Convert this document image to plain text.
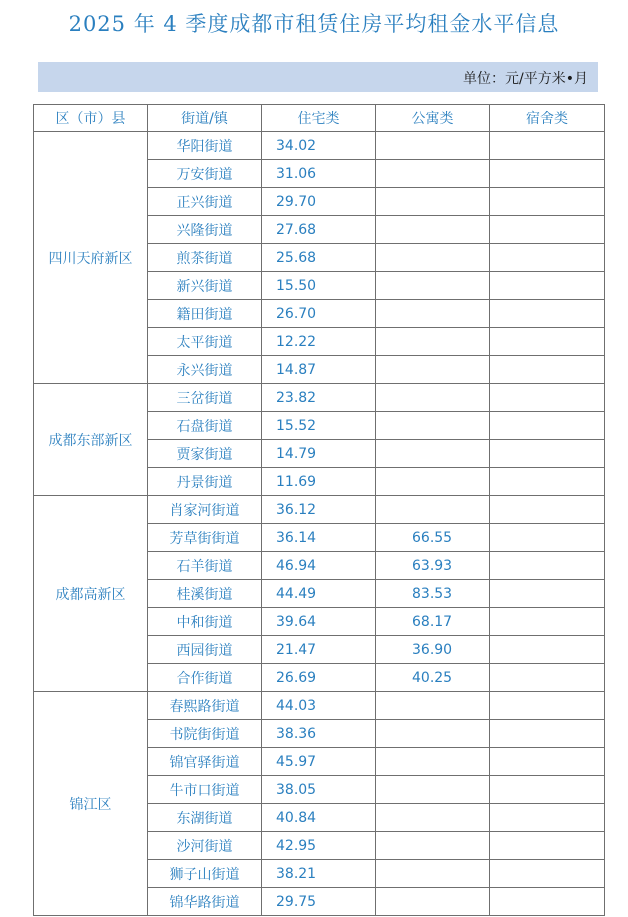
2025 年 4 季度成都市租赁住房平均租金水平信息
单位：元/平方米•月
区（市）县	街道/镇	住宅类	公寓类	宿舍类
四川天府新区	华阳街道	34.02		
	万安街道	31.06		
	正兴街道	29.70		
	兴隆街道	27.68		
	煎茶街道	25.68		
	新兴街道	15.50		
	籍田街道	26.70		
	太平街道	12.22		
	永兴街道	14.87		
成都东部新区	三岔街道	23.82		
	石盘街道	15.52		
	贾家街道	14.79		
	丹景街道	11.69		
成都高新区	肖家河街道	36.12		
	芳草街街道	36.14	66.55	
	石羊街道	46.94	63.93	
	桂溪街道	44.49	83.53	
	中和街道	39.64	68.17	
	西园街道	21.47	36.90	
	合作街道	26.69	40.25	
锦江区	春熙路街道	44.03		
	书院街街道	38.36		
	锦官驿街道	45.97		
	牛市口街道	38.05		
	东湖街道	40.84		
	沙河街道	42.95		
	狮子山街道	38.21		
	锦华路街道	29.75		
